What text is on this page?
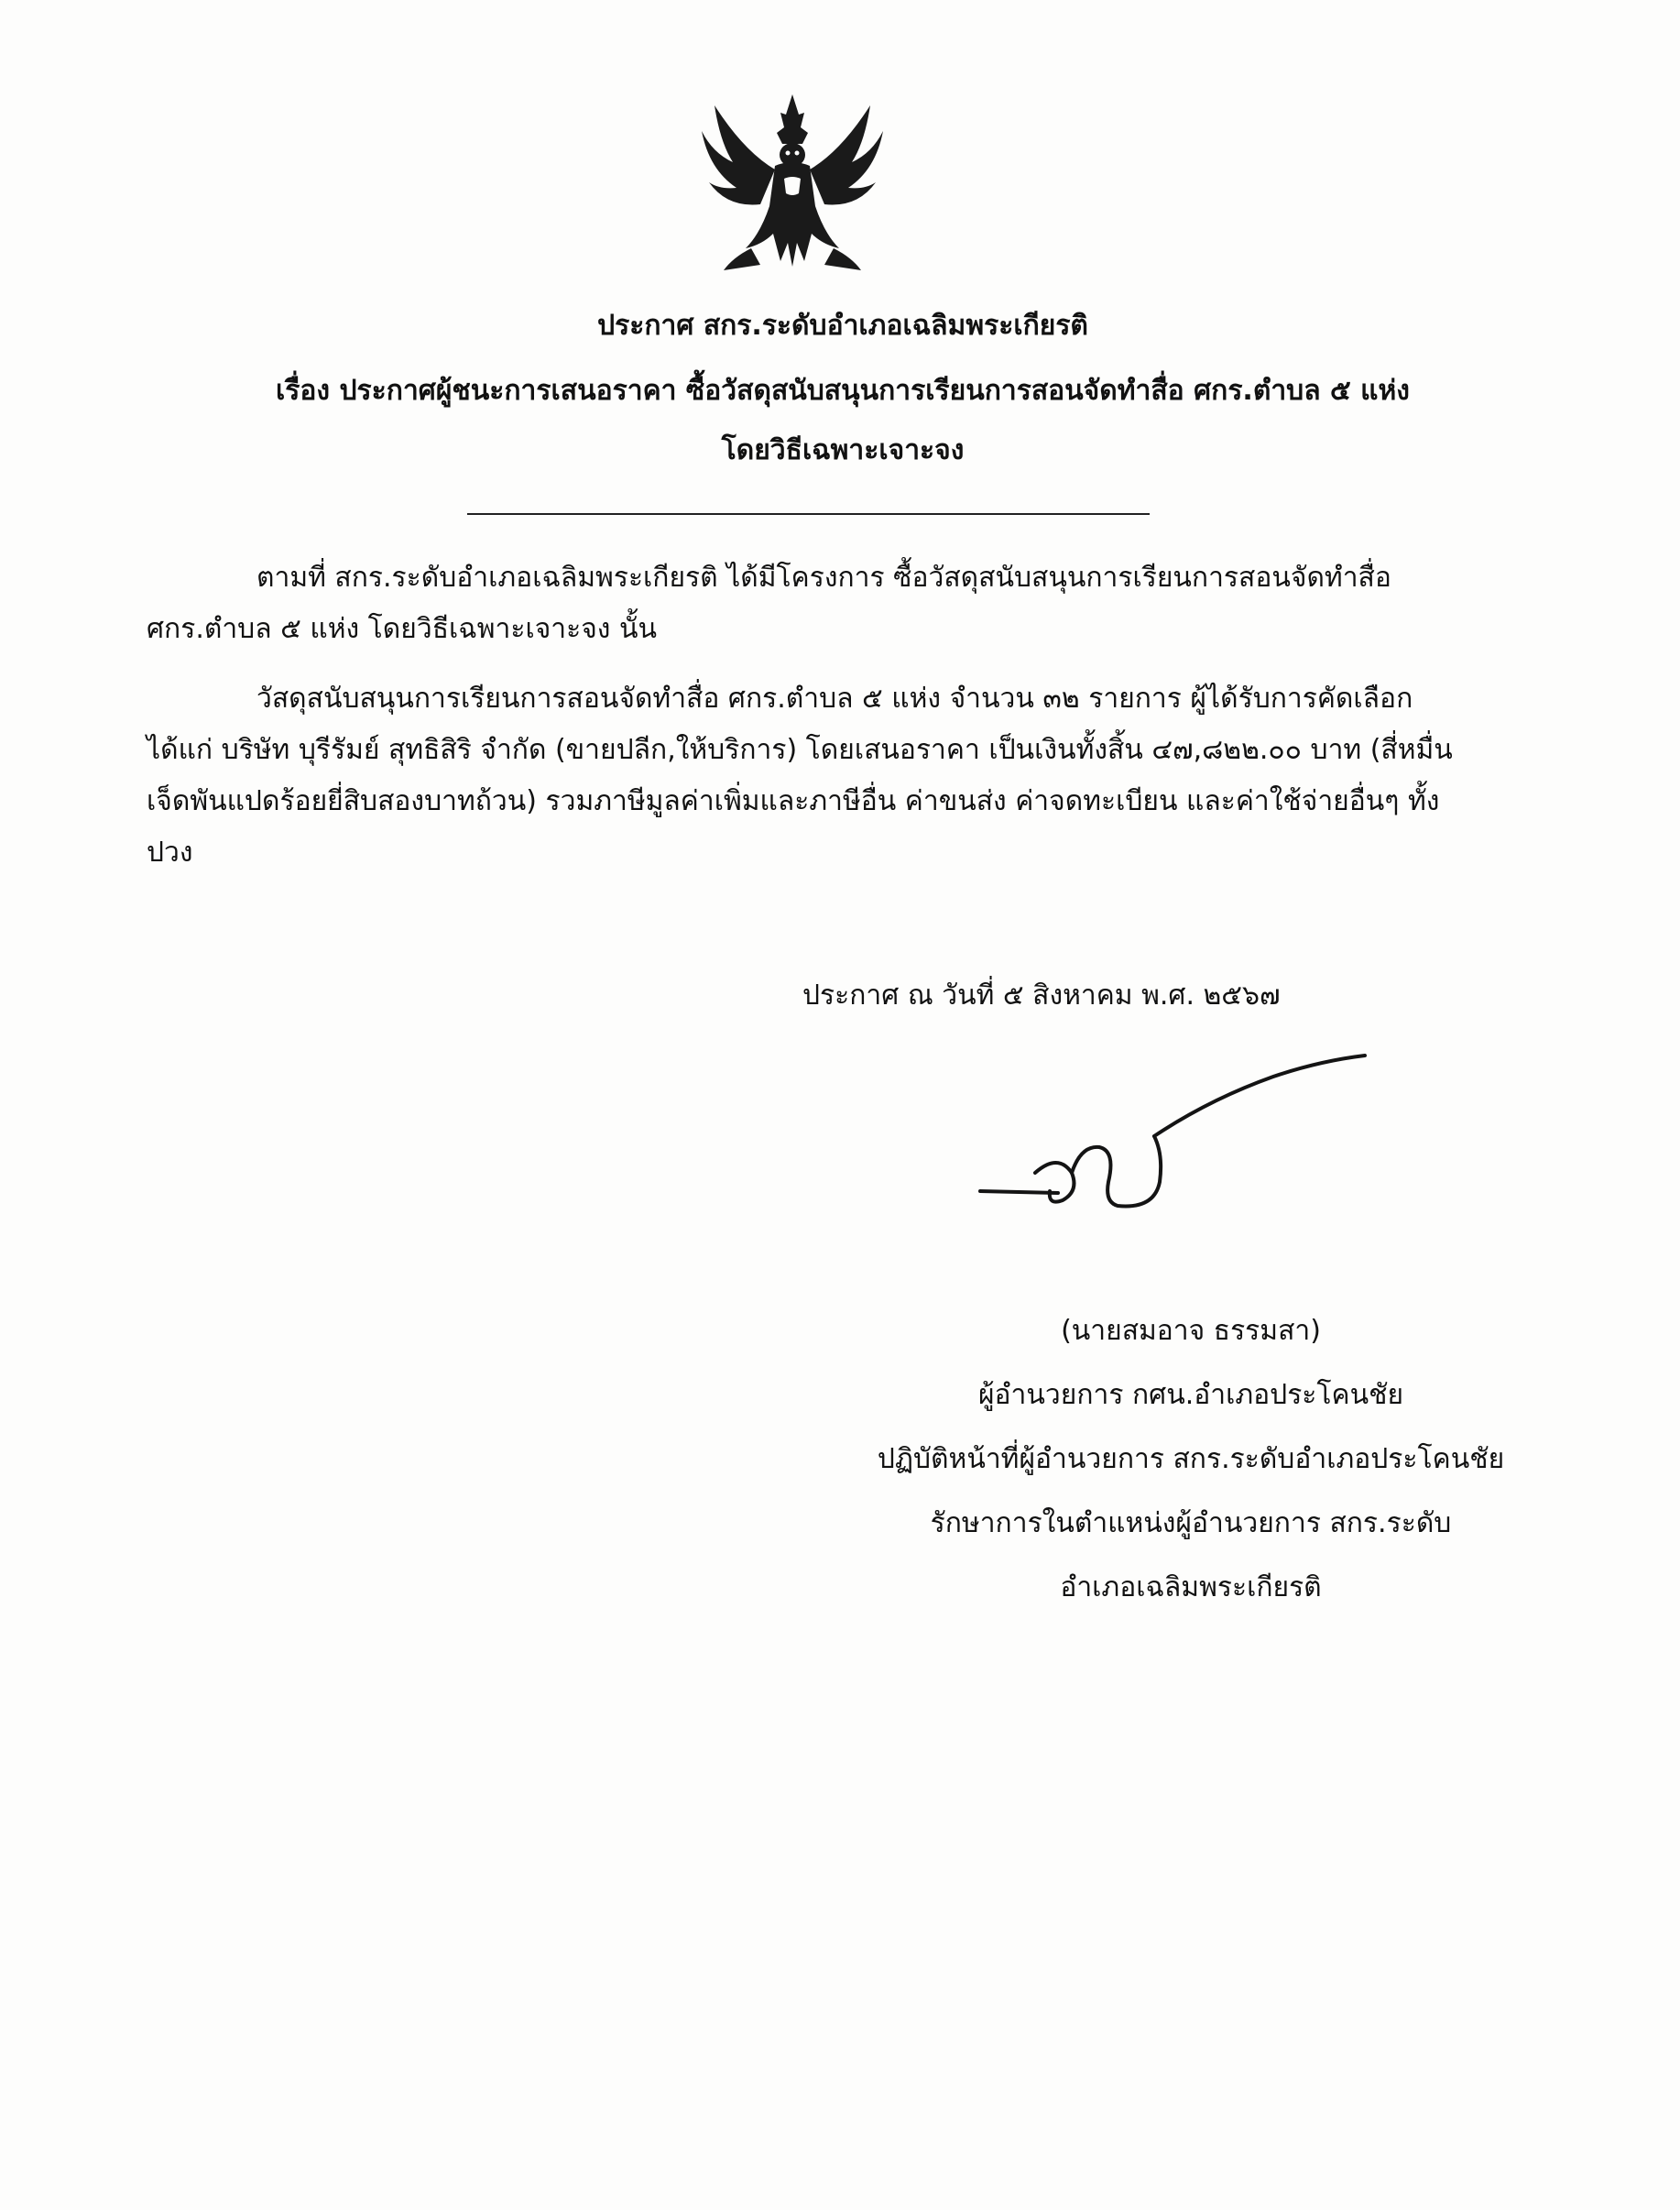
ประกาศ สกร.ระดับอำเภอเฉลิมพระเกียรติ
เรื่อง ประกาศผู้ชนะการเสนอราคา ซื้อวัสดุสนับสนุนการเรียนการสอนจัดทำสื่อ ศกร.ตำบล ๕ แห่ง
โดยวิธีเฉพาะเจาะจง
ตามที่ สกร.ระดับอำเภอเฉลิมพระเกียรติ ได้มีโครงการ ซื้อวัสดุสนับสนุนการเรียนการสอนจัดทำสื่อ
ศกร.ตำบล ๕ แห่ง โดยวิธีเฉพาะเจาะจง นั้น
วัสดุสนับสนุนการเรียนการสอนจัดทำสื่อ ศกร.ตำบล ๕ แห่ง จำนวน ๓๒ รายการ ผู้ได้รับการคัดเลือก
ได้แก่ บริษัท บุรีรัมย์ สุทธิสิริ จำกัด (ขายปลีก,ให้บริการ) โดยเสนอราคา เป็นเงินทั้งสิ้น ๔๗,๘๒๒.๐๐ บาท (สี่หมื่น
เจ็ดพันแปดร้อยยี่สิบสองบาทถ้วน) รวมภาษีมูลค่าเพิ่มและภาษีอื่น ค่าขนส่ง ค่าจดทะเบียน และค่าใช้จ่ายอื่นๆ ทั้ง
ปวง
ประกาศ ณ วันที่ ๕ สิงหาคม พ.ศ. ๒๕๖๗
(นายสมอาจ ธรรมสา)
ผู้อำนวยการ กศน.อำเภอประโคนชัย
ปฏิบัติหน้าที่ผู้อำนวยการ สกร.ระดับอำเภอประโคนชัย
รักษาการในตำแหน่งผู้อำนวยการ สกร.ระดับ
อำเภอเฉลิมพระเกียรติ
